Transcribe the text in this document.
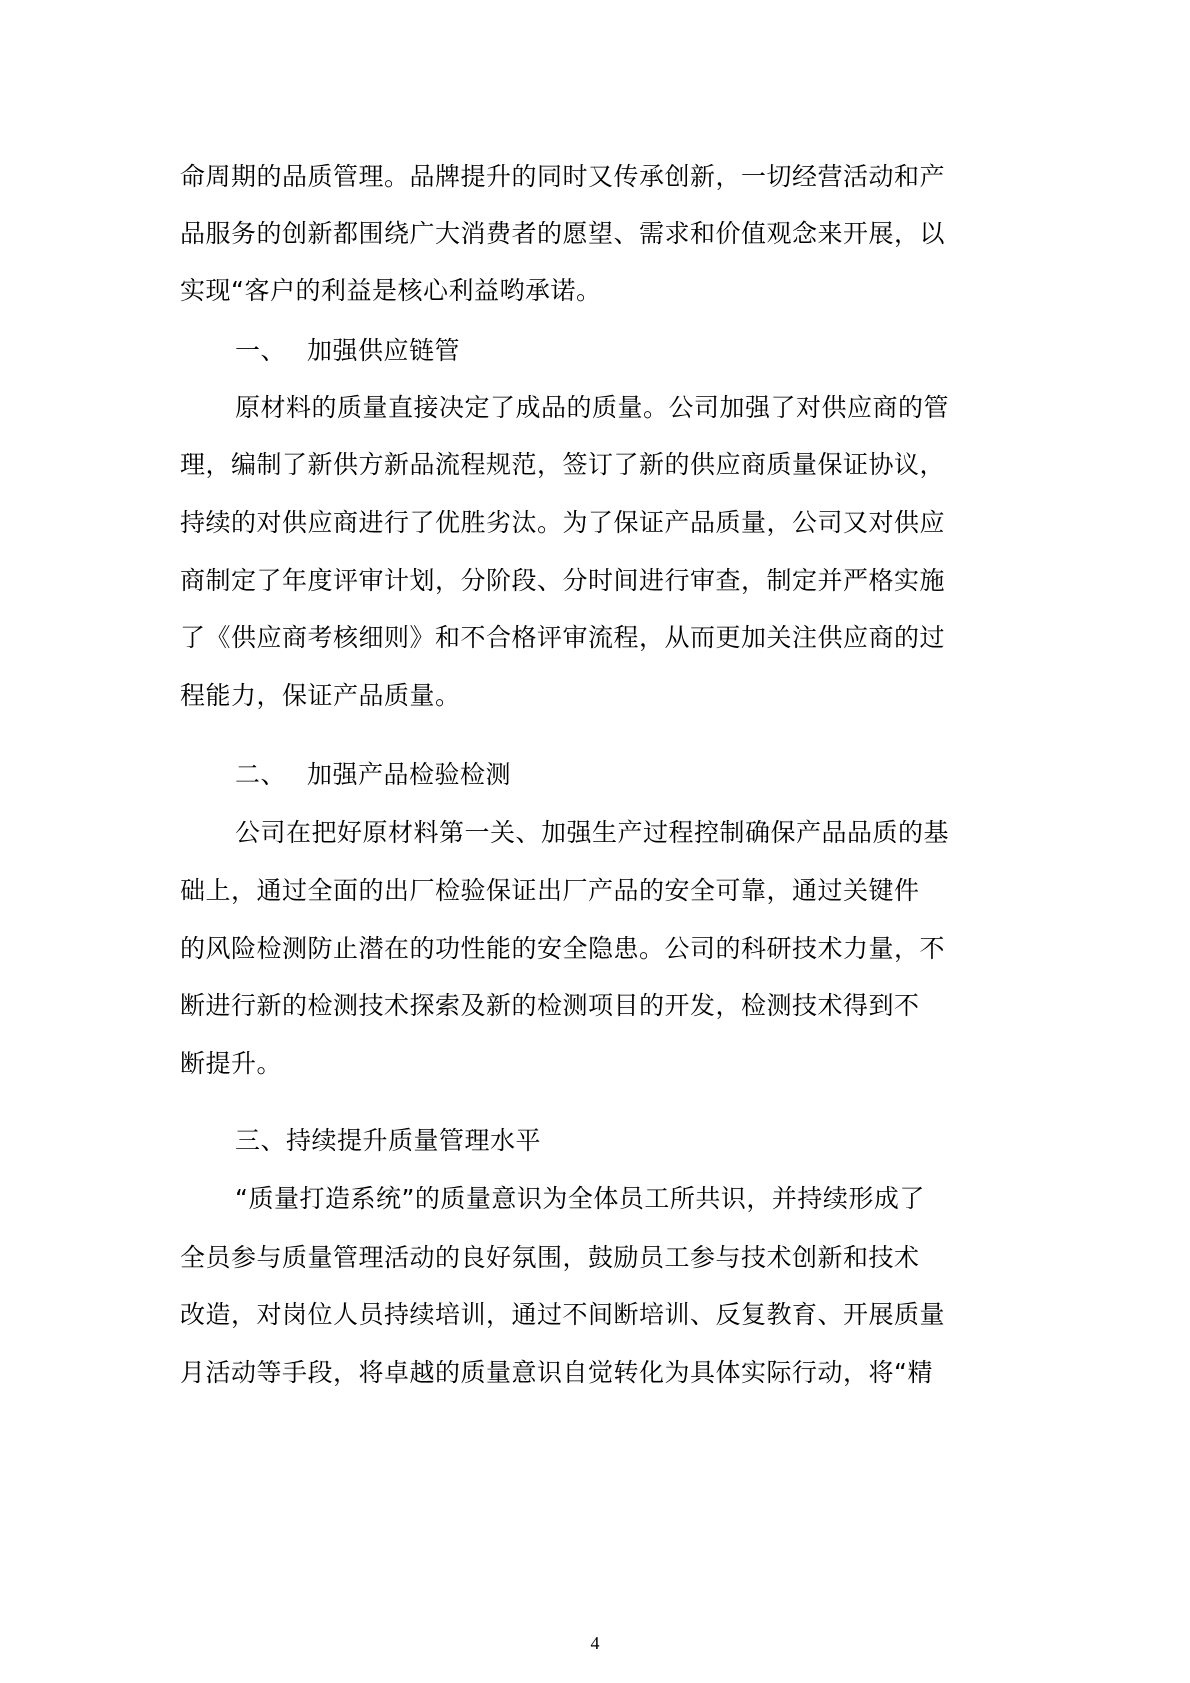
命周期的品质管理。品牌提升的同时又传承创新，一切经营活动和产
品服务的创新都围绕广大消费者的愿望、需求和价值观念来开展，以
实现“客户的利益是核心利益哟承诺。
一、 加强供应链管
原材料的质量直接决定了成品的质量。公司加强了对供应商的管
理，编制了新供方新品流程规范，签订了新的供应商质量保证协议，
持续的对供应商进行了优胜劣汰。为了保证产品质量，公司又对供应
商制定了年度评审计划，分阶段、分时间进行审查，制定并严格实施
了《供应商考核细则》和不合格评审流程，从而更加关注供应商的过
程能力，保证产品质量。
二、 加强产品检验检测
公司在把好原材料第一关、加强生产过程控制确保产品品质的基
础上，通过全面的出厂检验保证出厂产品的安全可靠，通过关键件
的风险检测防止潜在的功性能的安全隐患。公司的科研技术力量，不
断进行新的检测技术探索及新的检测项目的开发，检测技术得到不
断提升。
三、持续提升质量管理水平
“质量打造系统”的质量意识为全体员工所共识，并持续形成了
全员参与质量管理活动的良好氛围，鼓励员工参与技术创新和技术
改造，对岗位人员持续培训，通过不间断培训、反复教育、开展质量
月活动等手段，将卓越的质量意识自觉转化为具体实际行动，将“精
4
